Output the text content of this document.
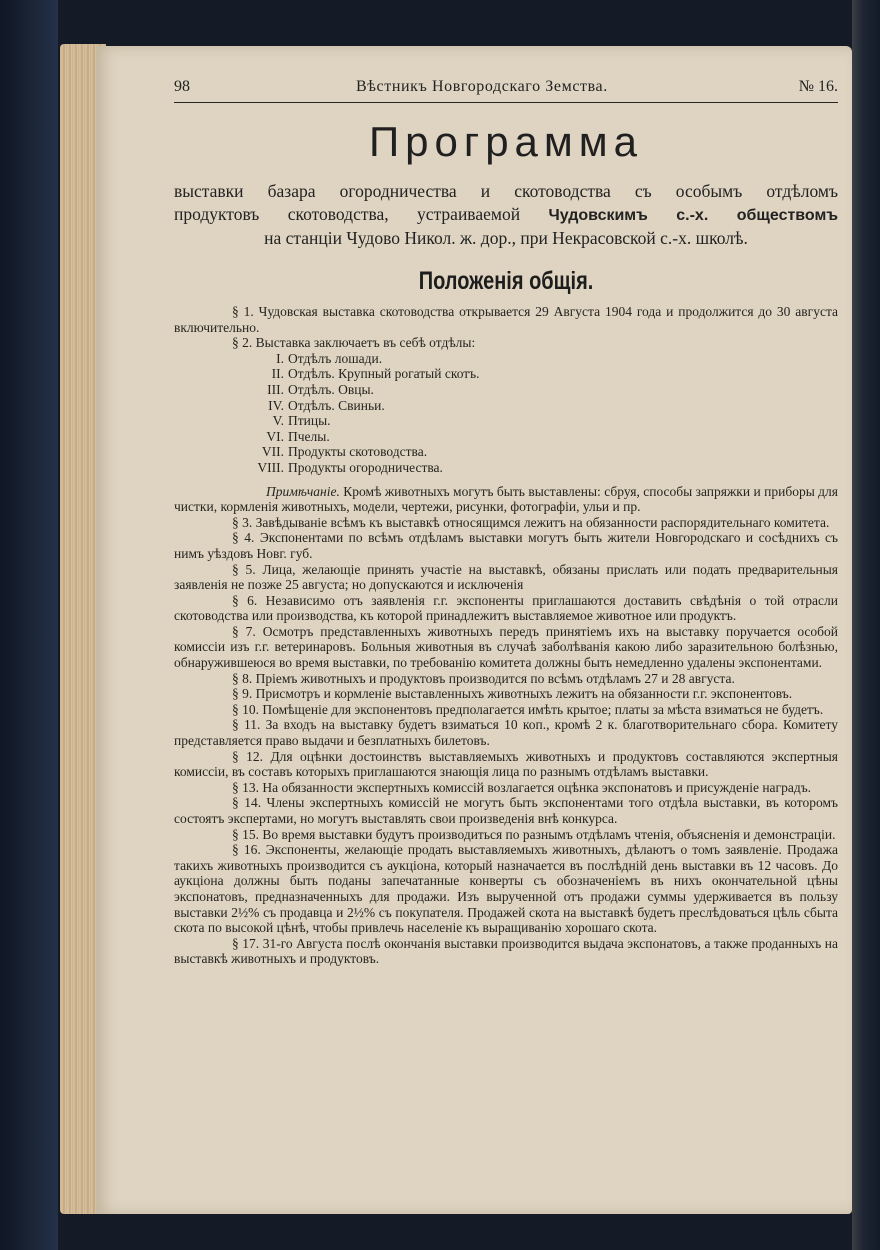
98	Вѣстникъ Новгородскаго Земства.	№ 16.
Программа
выставки базара огородничества и скотоводства съ особымъ отдѣломъ
продуктовъ скотоводства, устраиваемой Чудовскимъ с.-х. обществомъ
на станціи Чудово Никол. ж. дор., при Некрасовской с.-х. школѣ.
Положенія общія.

§ 1. Чудовская выставка скотоводства открывается 29 Августа 1904 года и продолжится до 30 августа включительно.

§ 2. Выставка заключаетъ въ себѣ отдѣлы:

I. Отдѣлъ лошади.
II. Отдѣлъ. Крупный рогатый скотъ.
III. Отдѣлъ. Овцы.
IV. Отдѣлъ. Свиньи.
V. Птицы.
VI. Пчелы.
VII. Продукты скотоводства.
VIII. Продукты огородничества.

Примѣчаніе. Кромѣ животныхъ могутъ быть выставлены: сбруя, способы запряжки и приборы для чистки, кормленія животныхъ, модели, чертежи, рисунки, фотографіи, ульи и пр.

§ 3. Завѣдываніе всѣмъ къ выставкѣ относящимся лежитъ на обязанности распорядительнаго комитета.

§ 4. Экспонентами по всѣмъ отдѣламъ выставки могутъ быть жители Новгородскаго и сосѣднихъ съ нимъ уѣздовъ Новг. губ.

§ 5. Лица, желающіе принять участіе на выставкѣ, обязаны прислать или подать предварительныя заявленія не позже 25 августа; но допускаются и исключенія

§ 6. Независимо отъ заявленія г.г. экспоненты приглашаются доставить свѣдѣнія о той отрасли скотоводства или производства, къ которой принадлежитъ выставляемое животное или продуктъ.

§ 7. Осмотръ представленныхъ животныхъ передъ принятіемъ ихъ на выставку поручается особой комиссіи изъ г.г. ветеринаровъ. Больныя животныя въ случаѣ заболѣванія какою либо заразительною болѣзнью, обнаружившеюся во время выставки, по требованію комитета должны быть немедленно удалены экспонентами.

§ 8. Пріемъ животныхъ и продуктовъ производится по всѣмъ отдѣламъ 27 и 28 августа.

§ 9. Присмотръ и кормленіе выставленныхъ животныхъ лежитъ на обязанности г.г. экспонентовъ.

§ 10. Помѣщеніе для экспонентовъ предполагается имѣть крытое; платы за мѣста взиматься не будетъ.

§ 11. За входъ на выставку будетъ взиматься 10 коп., кромѣ 2 к. благотворительнаго сбора. Комитету представляется право выдачи и безплатныхъ билетовъ.

§ 12. Для оцѣнки достоинствъ выставляемыхъ животныхъ и продуктовъ составляются экспертныя комиссіи, въ составъ которыхъ приглашаются знающія лица по разнымъ отдѣламъ выставки.

§ 13. На обязанности экспертныхъ комиссій возлагается оцѣнка экспонатовъ и присужденіе наградъ.

§ 14. Члены экспертныхъ комиссій не могутъ быть экспонентами того отдѣла выставки, въ которомъ состоятъ экспертами, но могутъ выставлять свои произведенія внѣ конкурса.

§ 15. Во время выставки будутъ производиться по разнымъ отдѣламъ чтенія, объясненія и демонстраціи.

§ 16. Экспоненты, желающіе продать выставляемыхъ животныхъ, дѣлаютъ о томъ заявленіе. Продажа такихъ животныхъ производится съ аукціона, который назначается въ послѣдній день выставки въ 12 часовъ. До аукціона должны быть поданы запечатанные конверты съ обозначеніемъ въ нихъ окончательной цѣны экспонатовъ, предназначенныхъ для продажи. Изъ вырученной отъ продажи суммы удерживается въ пользу выставки 2½% съ продавца и 2½% съ покупателя. Продажей скота на выставкѣ будетъ преслѣдоваться цѣль сбыта скота по высокой цѣнѣ, чтобы привлечь населеніе къ выращиванію хорошаго скота.

§ 17. 31-го Августа послѣ окончанія выставки производится выдача экспонатовъ, а также проданныхъ на выставкѣ животныхъ и продуктовъ.
